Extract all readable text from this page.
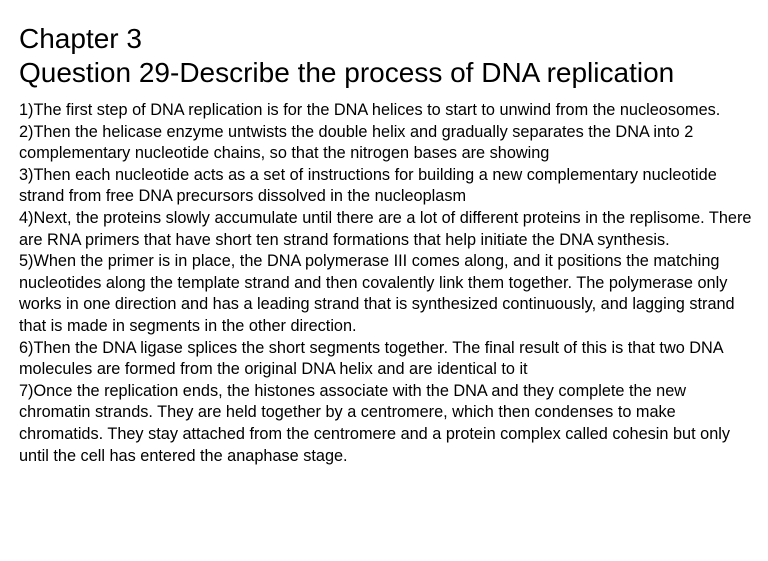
Chapter 3
Question 29-Describe the process of DNA replication

1)The first step of DNA replication is for the DNA helices to start to unwind from the nucleosomes.

2)Then the helicase enzyme untwists the double helix and gradually separates the DNA into 2 complementary nucleotide chains, so that the nitrogen bases are showing

3)Then each nucleotide acts as a set of instructions for building a new complementary nucleotide strand from free DNA precursors dissolved in the nucleoplasm

4)Next, the proteins slowly accumulate until there are a lot of different proteins in the replisome. There are RNA primers that have short ten strand formations that help initiate the DNA synthesis.

5)When the primer is in place, the DNA polymerase III comes along, and it positions the matching nucleotides along the template strand and then covalently link them together. The polymerase only works in one direction and has a leading strand that is synthesized continuously, and lagging strand that is made in segments in the other direction.

6)Then the DNA ligase splices the short segments together. The final result of this is that two DNA molecules are formed from the original DNA helix and are identical to it

7)Once the replication ends, the histones associate with the DNA and they complete the new chromatin strands. They are held together by a centromere, which then condenses to make chromatids. They stay attached from the centromere and a protein complex called cohesin but only until the cell has entered the anaphase stage.
